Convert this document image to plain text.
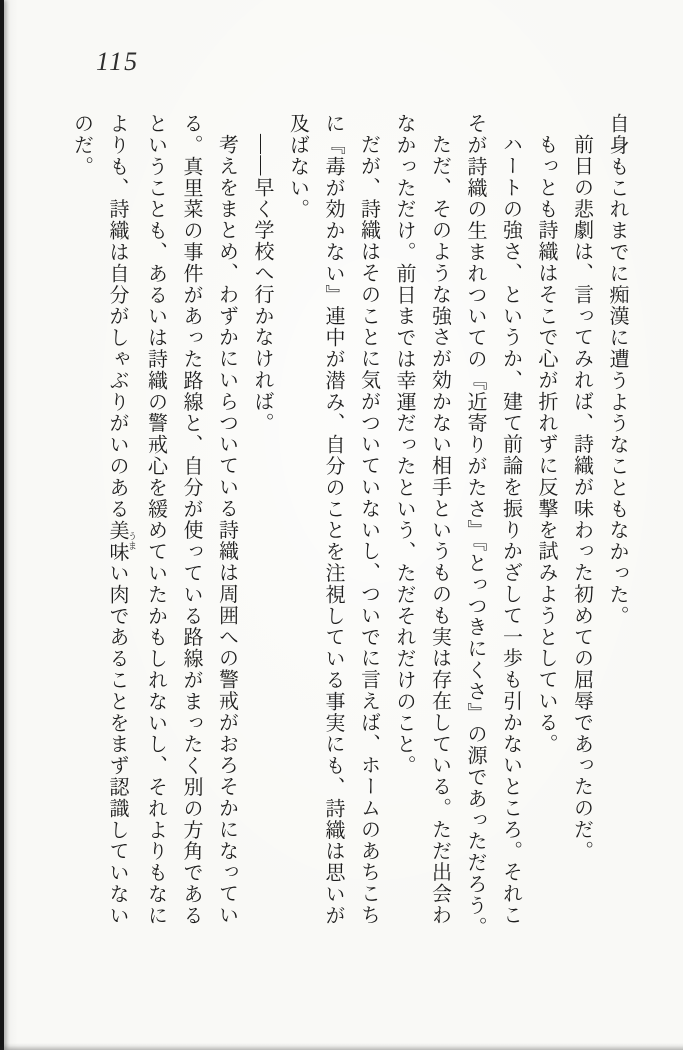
115
自身もこれまでに痴漢に遭うようなこともなかった。
前日の悲劇は、言ってみれば、詩織が味わった初めての屈辱であったのだ。
もっとも詩織はそこで心が折れずに反撃を試みようとしている。
ハートの強さ、というか、建て前論を振りかざして一歩も引かないところ。それこ
そが詩織の生まれついての『近寄りがたさ』『とっつきにくさ』の源であっただろう。
ただ、そのような強さが効かない相手というものも実は存在している。ただ出会わ
なかっただけ。前日までは幸運だったという、ただそれだけのこと。
だが、詩織はそのことに気がついていないし、ついでに言えば、ホームのあちこち
に『毒が効かない』連中が潜み、自分のことを注視している事実にも、詩織は思いが
及ばない。
――早く学校へ行かなければ。
考えをまとめ、わずかにいらついている詩織は周囲への警戒がおろそかになってい
る。真里菜の事件があった路線と、自分が使っている路線がまったく別の方角である
ということも、あるいは詩織の警戒心を緩めていたかもしれないし、それよりもなに
よりも、詩織は自分がしゃぶりがいのある美味 うまい肉であることをまず認識していない
のだ。
